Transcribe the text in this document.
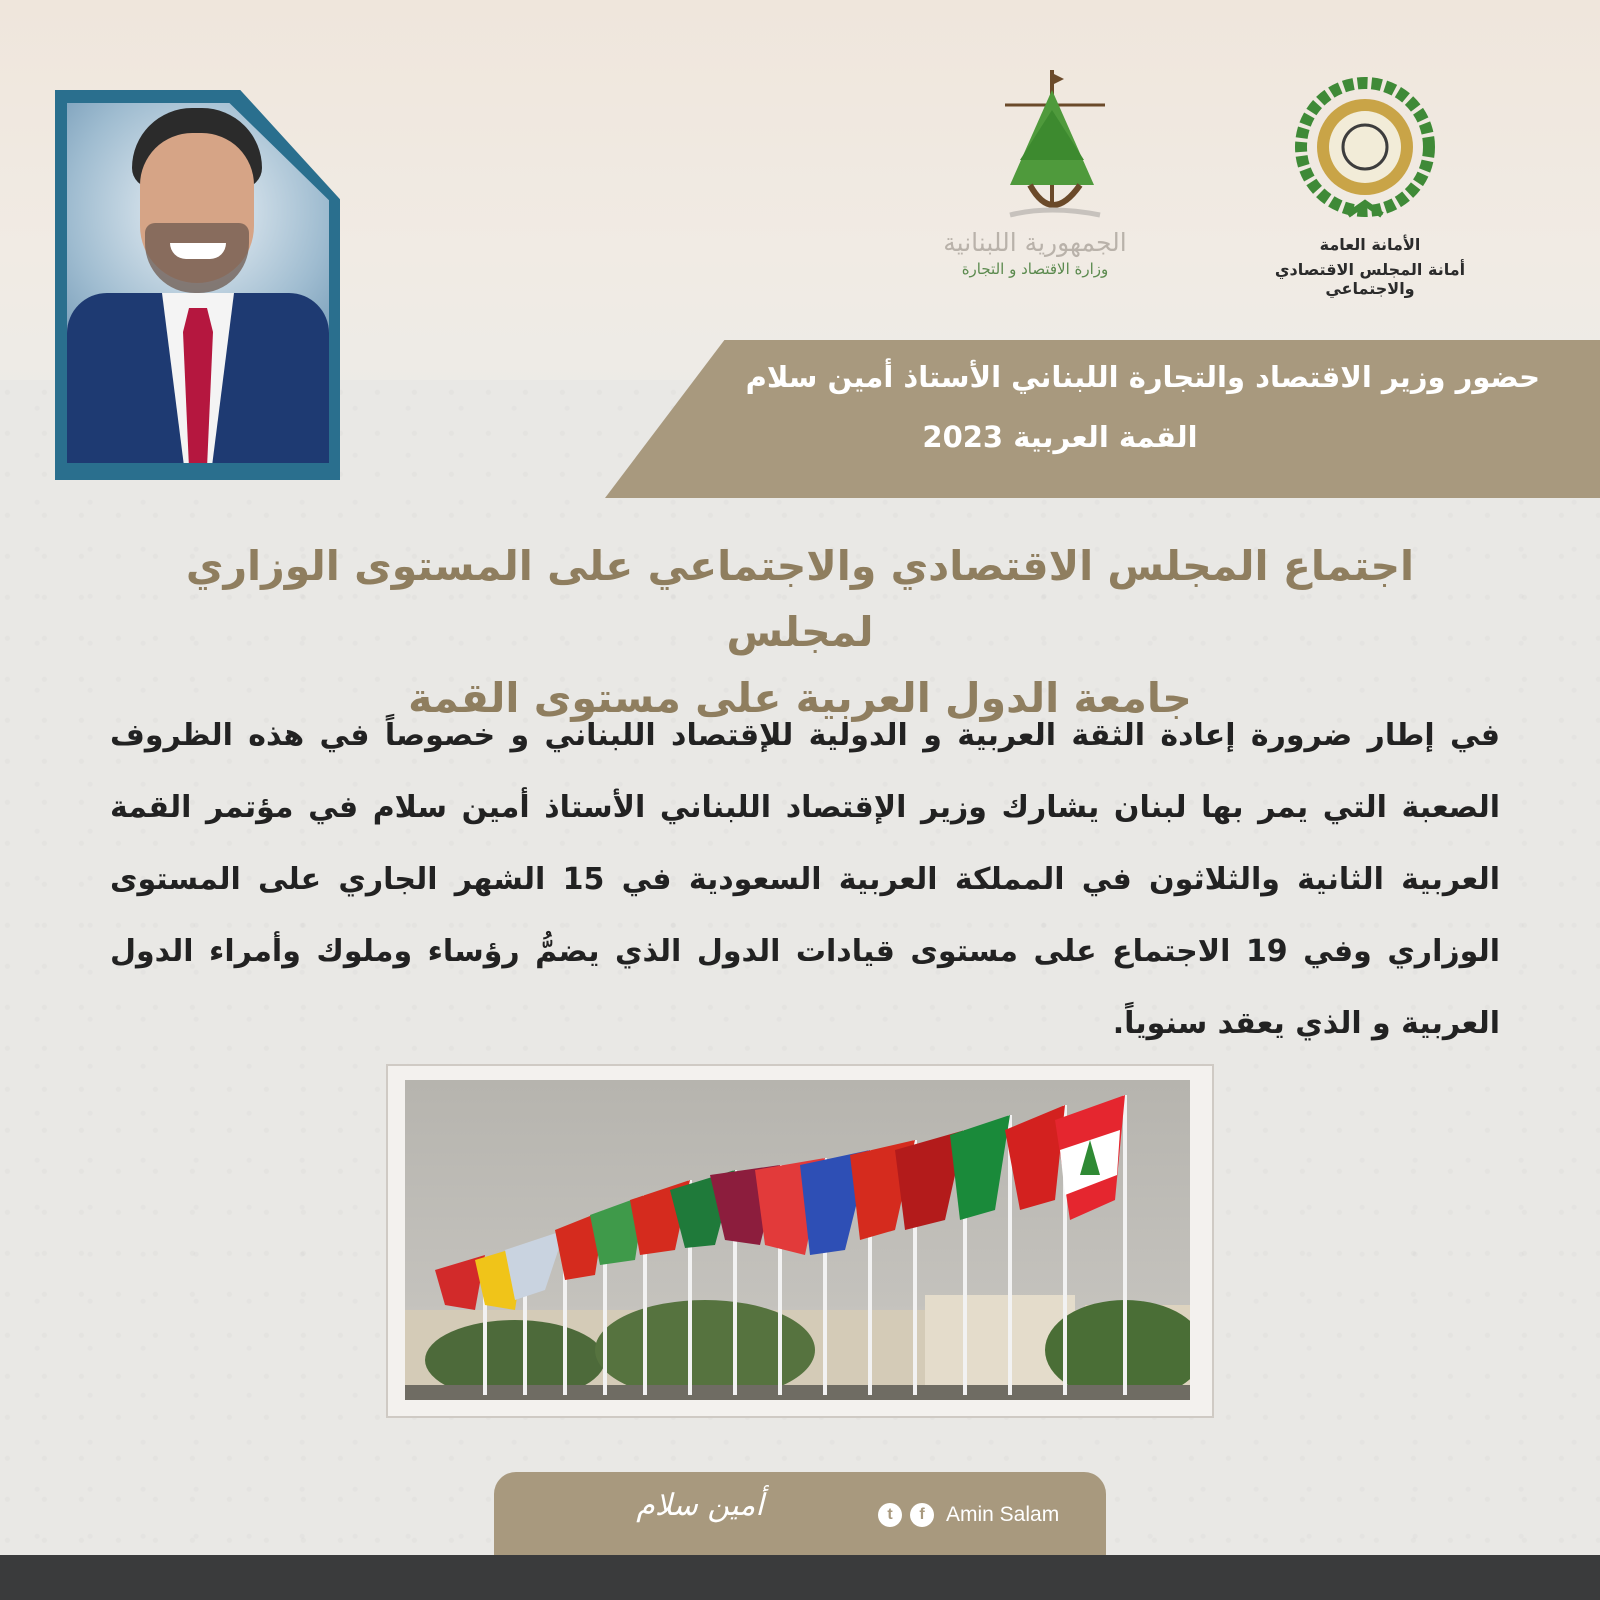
الجمهورية اللبنانية
وزارة الاقتصاد و التجارة
الأمانة العامة
أمانة المجلس الاقتصادي والاجتماعي
حضور وزير الاقتصاد والتجارة اللبناني الأستاذ أمين سلام
القمة العربية 2023
اجتماع المجلس الاقتصادي والاجتماعي على المستوى الوزاري لمجلس
جامعة الدول العربية على مستوى القمة
في إطار ضرورة إعادة الثقة العربية و الدولية للإقتصاد اللبناني و خصوصاً في هذه الظروف الصعبة التي يمر بها لبنان يشارك وزير الإقتصاد اللبناني الأستاذ أمين سلام في مؤتمر القمة العربية الثانية والثلاثون في المملكة العربية السعودية في 15 الشهر الجاري على المستوى الوزاري وفي 19 الاجتماع على مستوى قيادات الدول الذي يضمُّ رؤساء وملوك وأمراء الدول العربية و الذي يعقد سنوياً.
أمين سلام	t	f	Amin Salam
